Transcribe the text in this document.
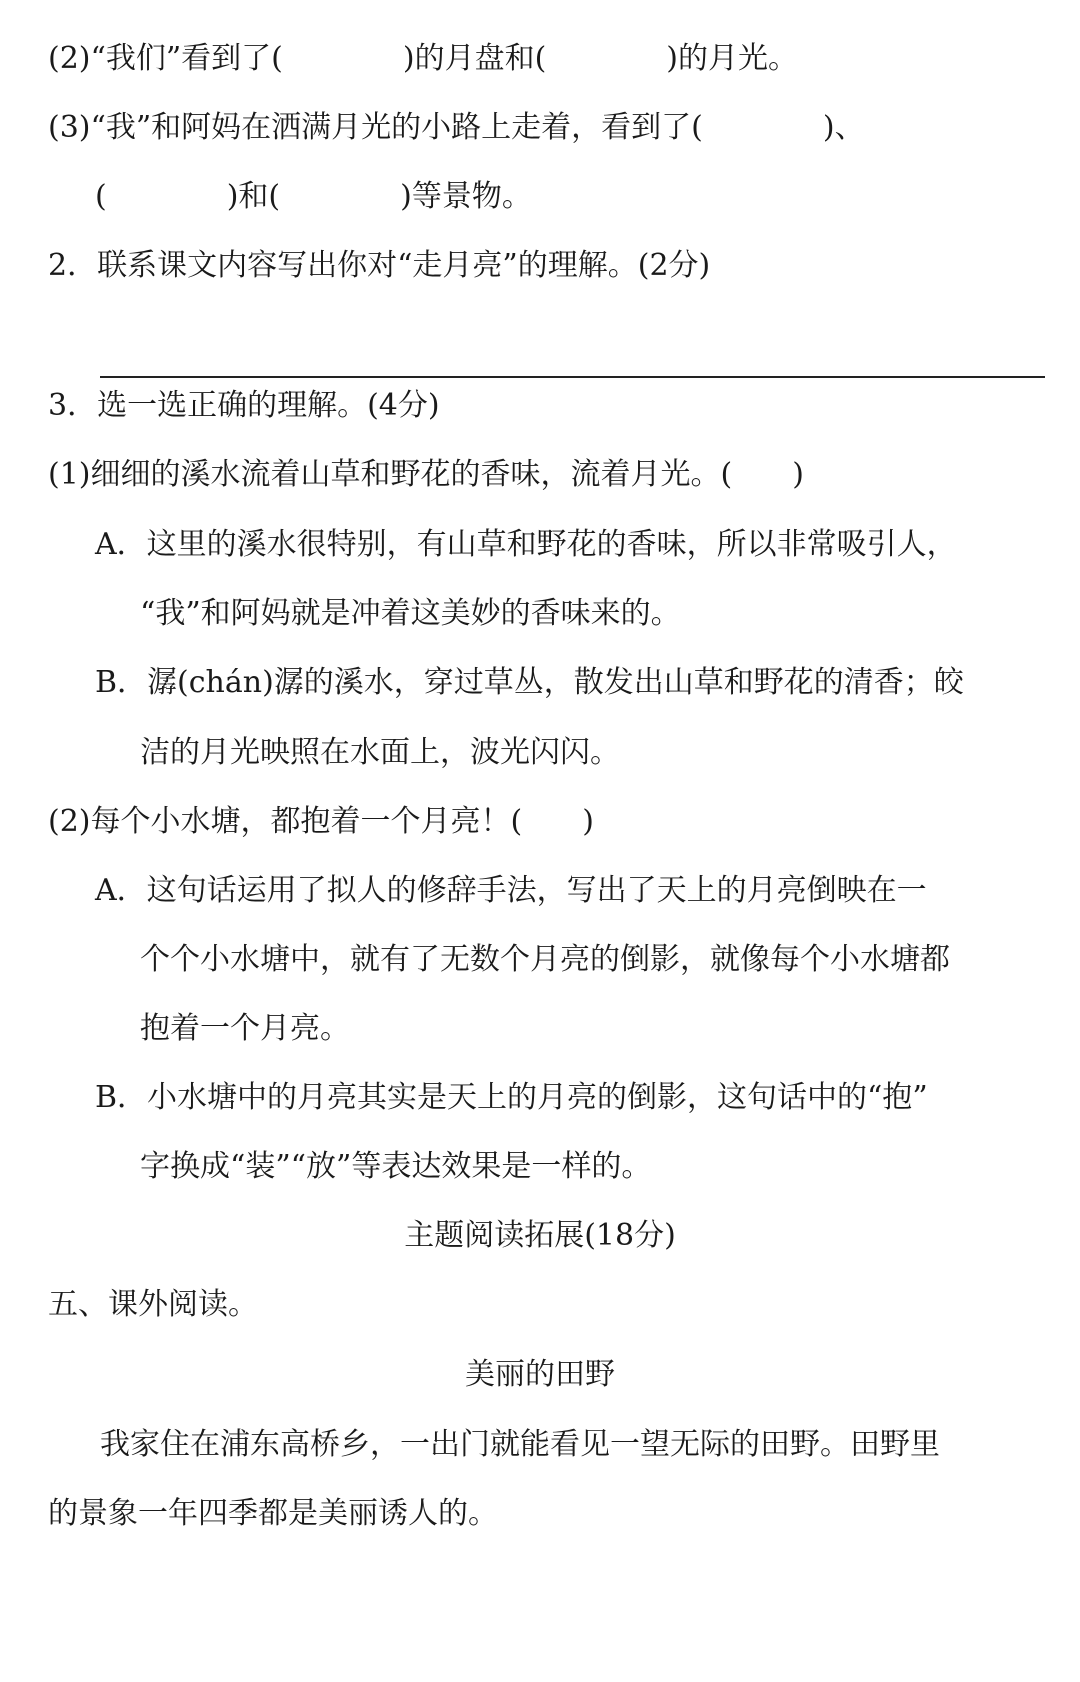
(2)“我们”看到了(　　　　)的月盘和(　　　　)的月光。
(3)“我”和阿妈在洒满月光的小路上走着，看到了(　　　　)、
(　　　　)和(　　　　)等景物。
2．联系课文内容写出你对“走月亮”的理解。(2分)
3．选一选正确的理解。(4分)
(1)细细的溪水流着山草和野花的香味，流着月光。(　　)
A．这里的溪水很特别，有山草和野花的香味，所以非常吸引人，
“我”和阿妈就是冲着这美妙的香味来的。
B．潺(chán)潺的溪水，穿过草丛，散发出山草和野花的清香；皎
洁的月光映照在水面上，波光闪闪。
(2)每个小水塘，都抱着一个月亮！(　　)
A．这句话运用了拟人的修辞手法，写出了天上的月亮倒映在一
个个小水塘中，就有了无数个月亮的倒影，就像每个小水塘都
抱着一个月亮。
B．小水塘中的月亮其实是天上的月亮的倒影，这句话中的“抱”
字换成“装”“放”等表达效果是一样的。
主题阅读拓展(18分)
五、课外阅读。
美丽的田野
我家住在浦东高桥乡，一出门就能看见一望无际的田野。田野里
的景象一年四季都是美丽诱人的。
